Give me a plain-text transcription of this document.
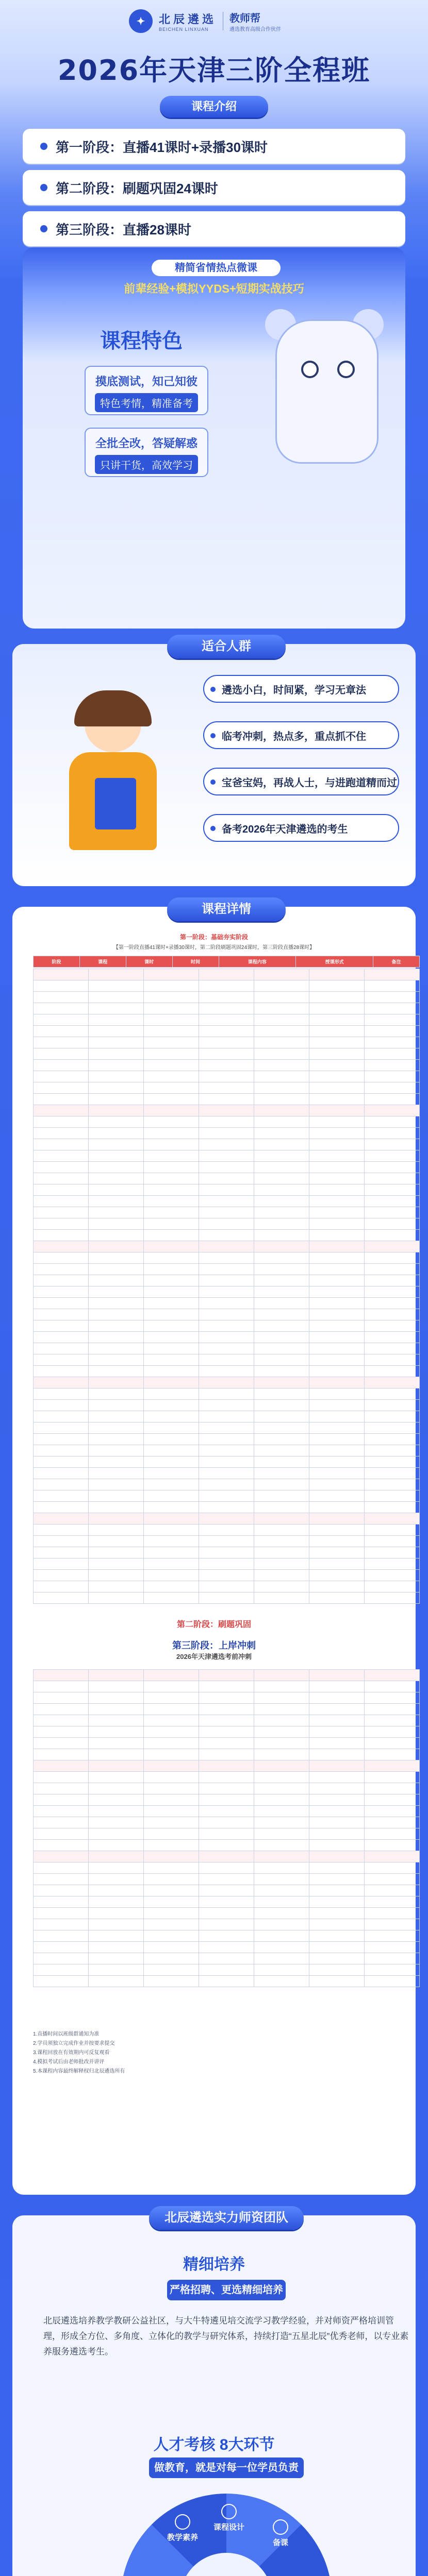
✦	北辰遴选
BEICHEN LINXUAN
教师帮
遴选教育高级合作伙伴
2026年天津三阶全程班
课程介绍
第一阶段：直播41课时+录播30课时
第二阶段：刷题巩固24课时
第三阶段：直播28课时
精简省情热点微课
前辈经验+模拟YYDS+短期实战技巧
课程特色
摸底测试，知己知彼
特色考情，精准备考
全批全改，答疑解惑
只讲干货，高效学习
适合人群
遴选小白，时间紧，学习无章法
临考冲刺，热点多，重点抓不住
宝爸宝妈，再战人士，与进跑道精而过
备考2026年天津遴选的考生
课程详情
第一阶段：基础夯实阶段
【第一阶段直播41课时+录播30课时，第二阶段刷题巩固24课时，第三阶段直播28课时】
阶段	课程	课时	时间	课程内容	授课形式	备注

第二阶段：刷题巩固
第三阶段：上岸冲刺
2026年天津遴选考前冲刺

1.直播时间以班级群通知为准
2.学员须独立完成作业并按要求提交
3.课程回放在有效期内可反复观看
4.模拟考试后由老师批改并讲评
5.本课程内容最终解释权归北辰遴选所有
北辰遴选实力师资团队
精细培养
严格招聘、更选精细培养
北辰遴选培养教学教研公益社区，与大牛特遴见培交流学习教学经验，并对师资严格培训管理，形成全方位、多角度、立体化的教学与研究体系，持续打造“五星北辰”优秀老师，以专业素养服务遴选考生。
人才考核 8大环节
做教育，就是对每一位学员负责
教学素养
课程设计
备课
